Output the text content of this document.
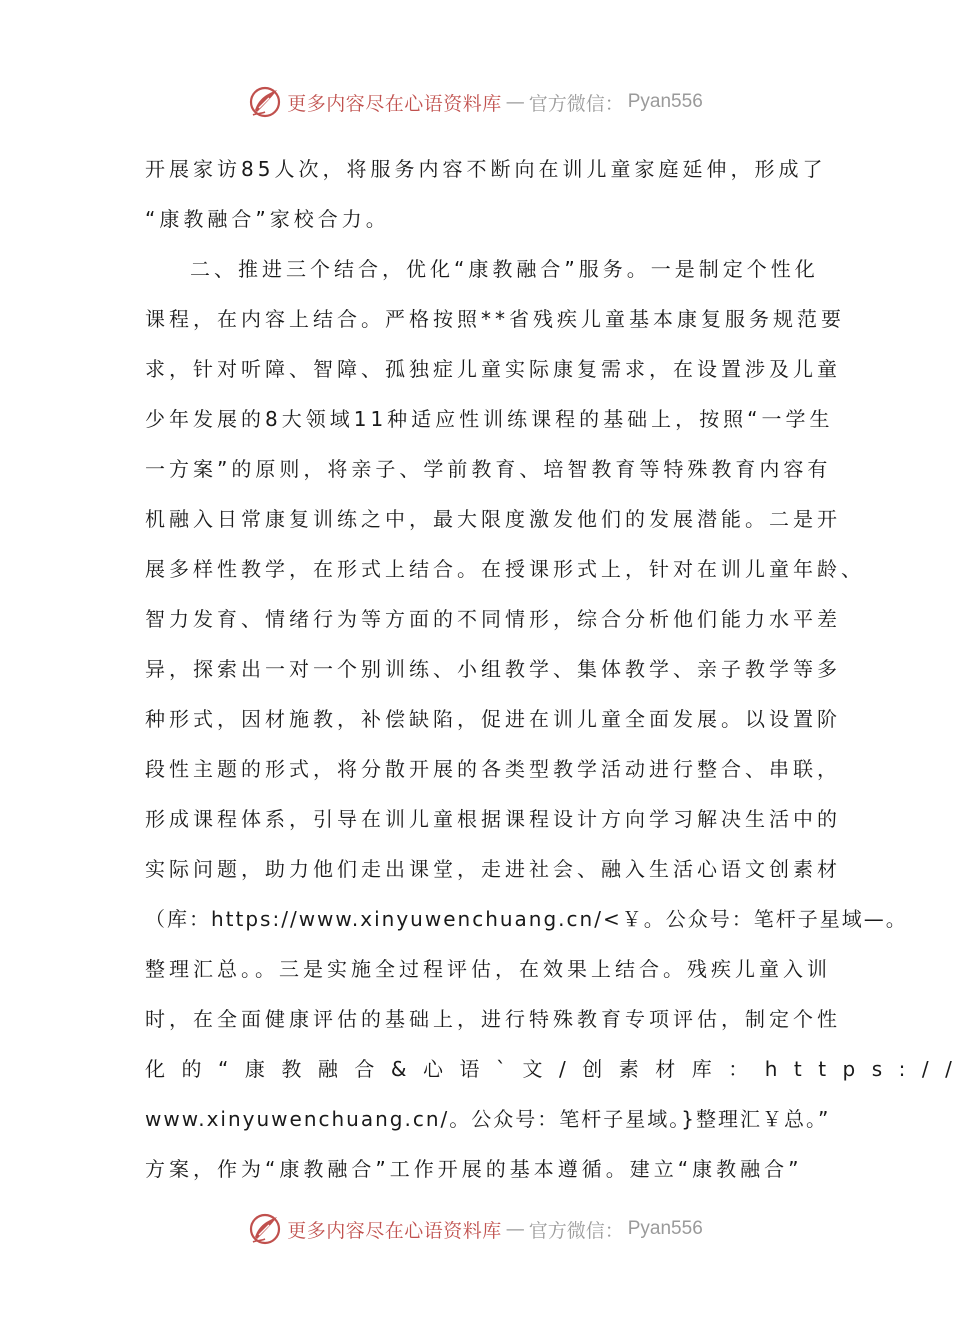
更多内容尽在心语资料库 — 官方微信： Pyan556
开展家访85人次，将服务内容不断向在训儿童家庭延伸，形成了
“康教融合”家校合力。
二、推进三个结合，优化“康教融合”服务。一是制定个性化
课程，在内容上结合。严格按照**省残疾儿童基本康复服务规范要
求，针对听障、智障、孤独症儿童实际康复需求，在设置涉及儿童
少年发展的8大领域11种适应性训练课程的基础上，按照“一学生
一方案”的原则，将亲子、学前教育、培智教育等特殊教育内容有
机融入日常康复训练之中，最大限度激发他们的发展潜能。二是开
展多样性教学，在形式上结合。在授课形式上，针对在训儿童年龄、
智力发育、情绪行为等方面的不同情形，综合分析他们能力水平差
异，探索出一对一个别训练、小组教学、集体教学、亲子教学等多
种形式，因材施教，补偿缺陷，促进在训儿童全面发展。以设置阶
段性主题的形式，将分散开展的各类型教学活动进行整合、串联，
形成课程体系，引导在训儿童根据课程设计方向学习解决生活中的
实际问题，助力他们走出课堂，走进社会、融入生活心语文创素材
（库：https://www.xinyuwenchuang.cn/<￥。公众号：笔杆子星域—。
整理汇总。。三是实施全过程评估，在效果上结合。残疾儿童入训
时，在全面健康评估的基础上，进行特殊教育专项评估，制定个性
化的“康教融合&心语`文/创素材库：https://
www.xinyuwenchuang.cn/。公众号：笔杆子星域。}整理汇￥总。”
方案，作为“康教融合”工作开展的基本遵循。建立“康教融合”
更多内容尽在心语资料库 — 官方微信： Pyan556
